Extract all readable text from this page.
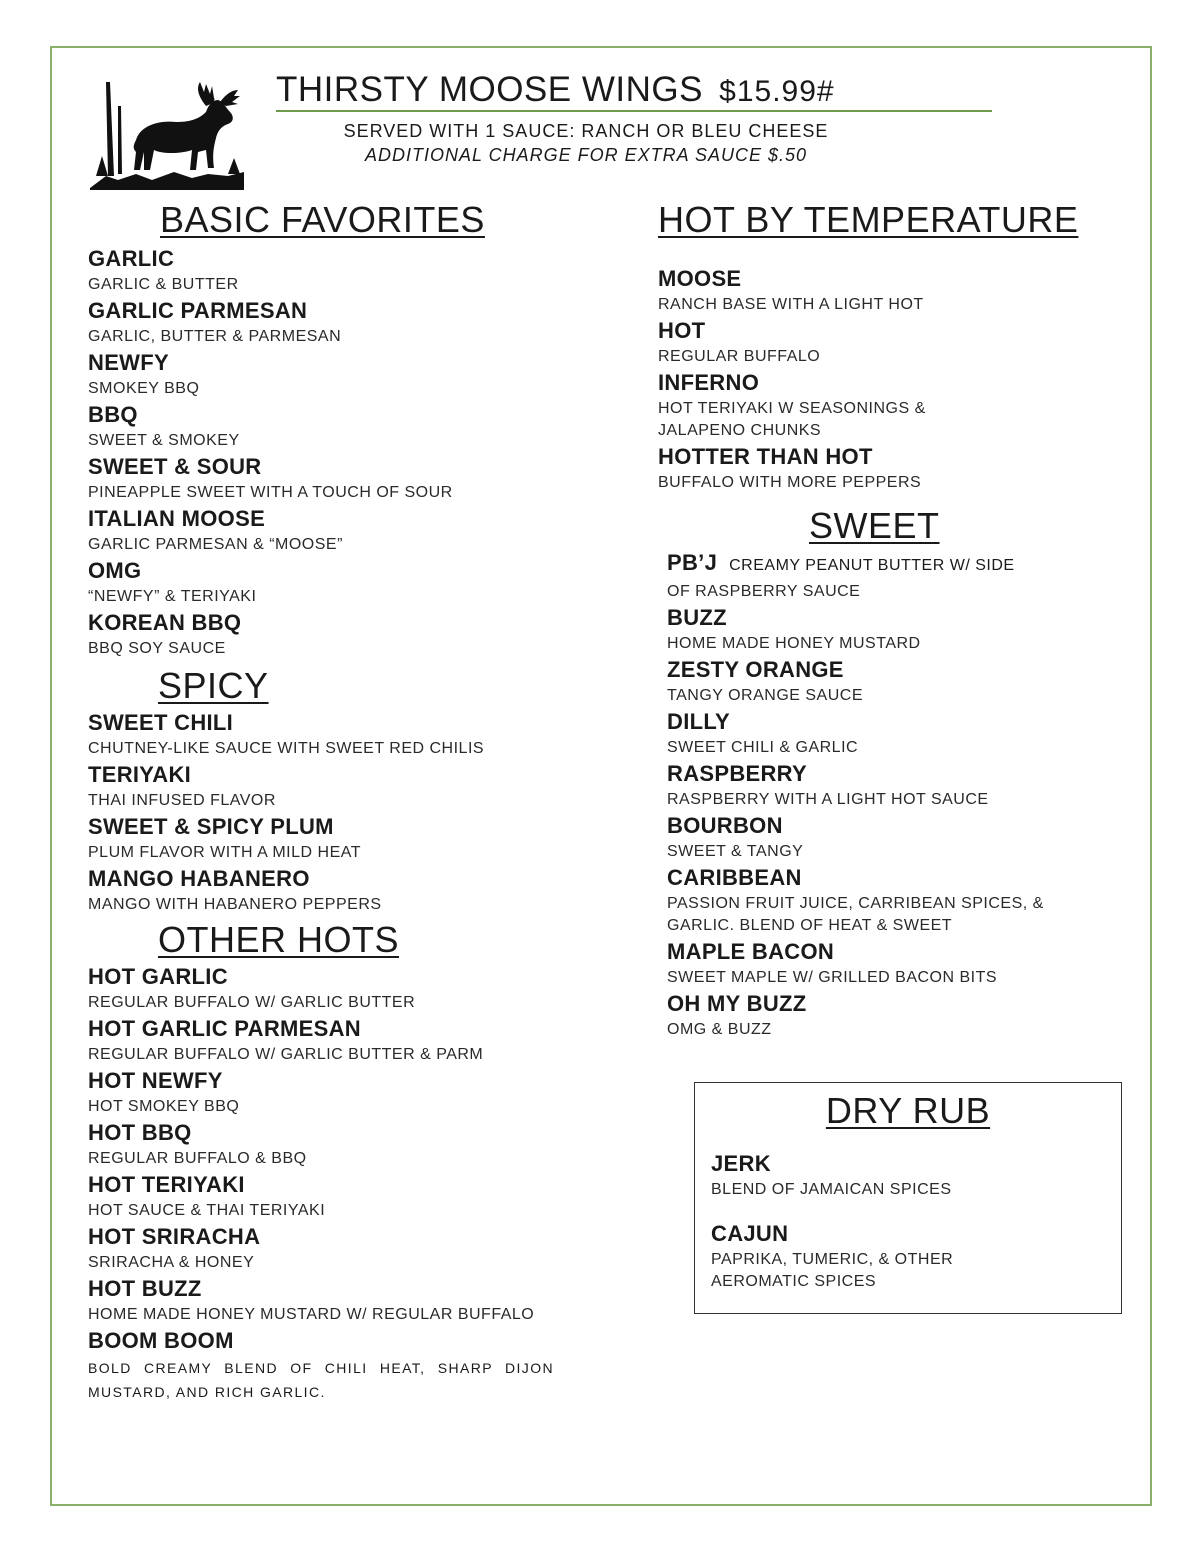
THIRSTY MOOSE WINGS $15.99#
SERVED WITH 1 SAUCE: RANCH OR BLEU CHEESE
ADDITIONAL CHARGE FOR EXTRA SAUCE $.50
BASIC FAVORITES
GARLIC
GARLIC & BUTTER
GARLIC PARMESAN
GARLIC, BUTTER & PARMESAN
NEWFY
SMOKEY BBQ
BBQ
SWEET & SMOKEY
SWEET & SOUR
PINEAPPLE SWEET WITH A TOUCH OF SOUR
ITALIAN MOOSE
GARLIC PARMESAN & “MOOSE”
OMG
“NEWFY” & TERIYAKI
KOREAN BBQ
BBQ SOY SAUCE
SPICY
SWEET CHILI
CHUTNEY-LIKE SAUCE WITH SWEET RED CHILIS
TERIYAKI
THAI INFUSED FLAVOR
SWEET & SPICY PLUM
PLUM FLAVOR WITH A MILD HEAT
MANGO HABANERO
MANGO WITH HABANERO PEPPERS
OTHER HOTS
HOT GARLIC
REGULAR BUFFALO W/ GARLIC BUTTER
HOT GARLIC PARMESAN
REGULAR BUFFALO W/ GARLIC BUTTER & PARM
HOT NEWFY
HOT SMOKEY BBQ
HOT BBQ
REGULAR BUFFALO & BBQ
HOT TERIYAKI
HOT SAUCE & THAI TERIYAKI
HOT SRIRACHA
SRIRACHA & HONEY
HOT BUZZ
HOME MADE HONEY MUSTARD W/ REGULAR BUFFALO
BOOM BOOM
BOLD CREAMY BLEND OF CHILI HEAT, SHARP DIJON MUSTARD, AND RICH GARLIC.
HOT BY TEMPERATURE
MOOSE
RANCH BASE WITH A LIGHT HOT
HOT
REGULAR BUFFALO
INFERNO
HOT TERIYAKI W SEASONINGS & JALAPENO CHUNKS
HOTTER THAN HOT
BUFFALO WITH MORE PEPPERS
SWEET
PB’J CREAMY PEANUT BUTTER W/ SIDE
OF RASPBERRY SAUCE
BUZZ
HOME MADE HONEY MUSTARD
ZESTY ORANGE
TANGY ORANGE SAUCE
DILLY
SWEET CHILI & GARLIC
RASPBERRY
RASPBERRY WITH A LIGHT HOT SAUCE
BOURBON
SWEET & TANGY
CARIBBEAN
PASSION FRUIT JUICE, CARRIBEAN SPICES, & GARLIC. BLEND OF HEAT & SWEET
MAPLE BACON
SWEET MAPLE W/ GRILLED BACON BITS
OH MY BUZZ
OMG & BUZZ
DRY RUB
JERK
BLEND OF JAMAICAN SPICES
CAJUN
PAPRIKA, TUMERIC, & OTHER AEROMATIC SPICES
